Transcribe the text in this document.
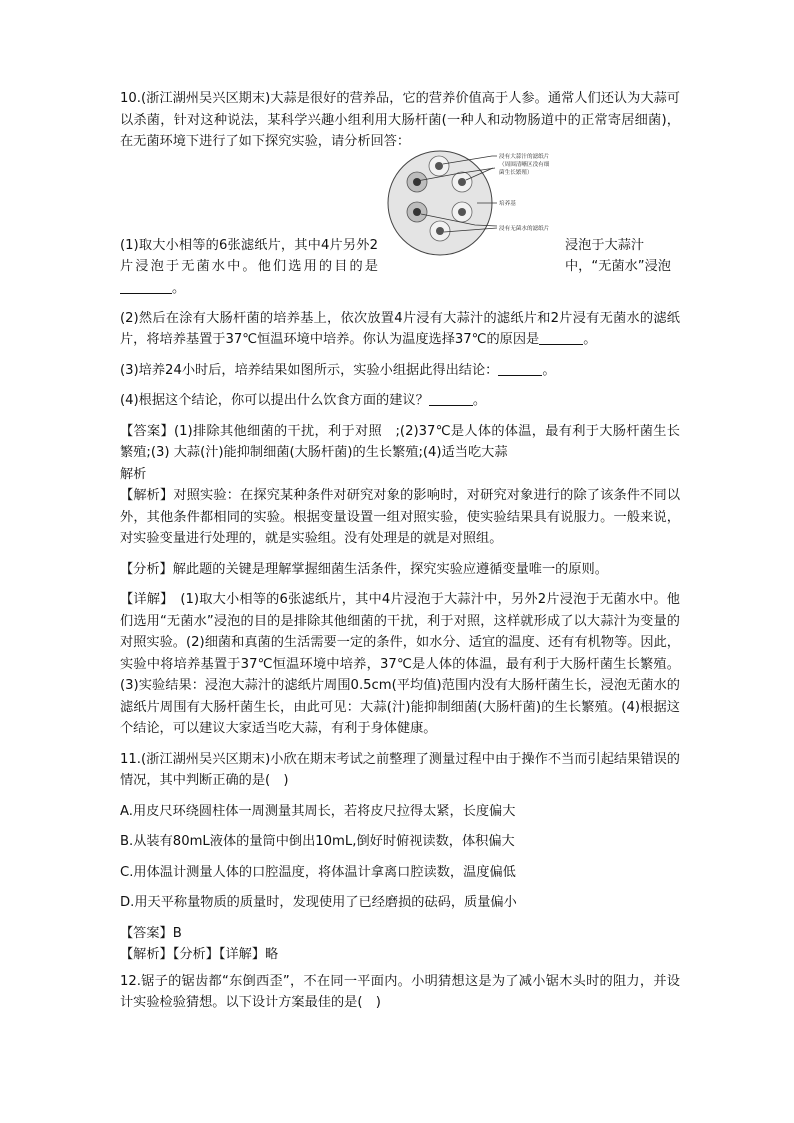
10.(浙江湖州吴兴区期末)大蒜是很好的营养品，它的营养价值高于人参。通常人们还认为大蒜可以杀菌，针对这种说法，某科学兴趣小组利用大肠杆菌(一种人和动物肠道中的正常寄居细菌)，在无菌环境下进行了如下探究实验，请分析回答：

浸有大蒜汁的滤纸片
（周围清晰区没有细
菌生长繁殖）
培养基
浸有无菌水的滤纸片

(1)取大小相等的6张滤纸片，其中4片另外2片浸泡于无菌水中。他们选用的目的是。

浸泡于大蒜汁中，“无菌水”浸泡

(2)然后在涂有大肠杆菌的培养基上，依次放置4片浸有大蒜汁的滤纸片和2片浸有无菌水的滤纸片，将培养基置于37℃恒温环境中培养。你认为温度选择37℃的原因是	。

(3)培养24小时后，培养结果如图所示，实验小组据此得出结论：	。

(4)根据这个结论，你可以提出什么饮食方面的建议？	。

【答案】(1)排除其他细菌的干扰，利于对照　;(2)37℃是人体的体温，最有利于大肠杆菌生长繁殖;(3) 大蒜(汁)能抑制细菌(大肠杆菌)的生长繁殖;(4)适当吃大蒜

解析

【解析】对照实验：在探究某种条件对研究对象的影响时，对研究对象进行的除了该条件不同以外，其他条件都相同的实验。根据变量设置一组对照实验，使实验结果具有说服力。一般来说，对实验变量进行处理的，就是实验组。没有处理是的就是对照组。

【分析】解此题的关键是理解掌握细菌生活条件，探究实验应遵循变量唯一的原则。

【详解】　(1)取大小相等的6张滤纸片，其中4片浸泡于大蒜汁中，另外2片浸泡于无菌水中。他们选用“无菌水”浸泡的目的是排除其他细菌的干扰，利于对照，这样就形成了以大蒜汁为变量的对照实验。(2)细菌和真菌的生活需要一定的条件，如水分、适宜的温度、还有有机物等。因此，实验中将培养基置于37℃恒温环境中培养，37℃是人体的体温，最有利于大肠杆菌生长繁殖。(3)实验结果：浸泡大蒜汁的滤纸片周围0.5cm(平均值)范围内没有大肠杆菌生长，浸泡无菌水的滤纸片周围有大肠杆菌生长，由此可见：大蒜(汁)能抑制细菌(大肠杆菌)的生长繁殖。(4)根据这个结论，可以建议大家适当吃大蒜，有利于身体健康。

11.(浙江湖州吴兴区期末)小欣在期末考试之前整理了测量过程中由于操作不当而引起结果错误的情况，其中判断正确的是(　)

A.用皮尺环绕圆柱体一周测量其周长，若将皮尺拉得太紧，长度偏大

B.从装有80mL液体的量筒中倒出10mL,倒好时俯视读数，体积偏大

C.用体温计测量人体的口腔温度，将体温计拿离口腔读数，温度偏低

D.用天平称量物质的质量时，发现使用了已经磨损的砝码，质量偏小

【答案】B

【解析】【分析】【详解】略

12.锯子的锯齿都“东倒西歪”，不在同一平面内。小明猜想这是为了减小锯木头时的阻力，并设计实验检验猜想。以下设计方案最佳的是(　)
